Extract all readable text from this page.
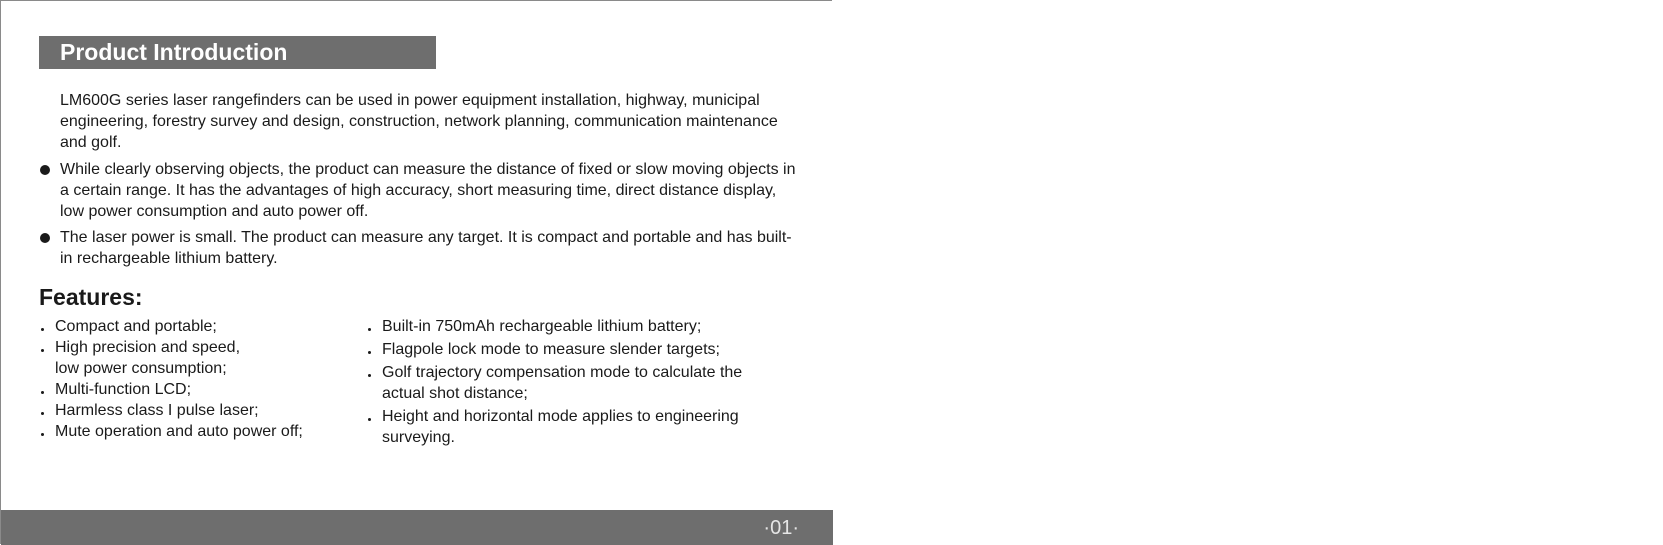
Product Introduction

LM600G series laser rangefinders can be used in power equipment installation, highway, municipal engineering, forestry survey and design, construction, network planning, communication maintenance and golf.

While clearly observing objects, the product can measure the distance of fixed or slow moving objects in a certain range. It has the advantages of high accuracy, short measuring time, direct distance display, low power consumption and auto power off.
The laser power is small. The product can measure any target. It is compact and portable and has built-in rechargeable lithium battery.
Features:
Compact and portable;
High precision and speed, low power consumption;
Multi-function LCD;
Harmless class I pulse laser;
Mute operation and auto power off;
Built-in 750mAh rechargeable lithium battery;
Flagpole lock mode to measure slender targets;
Golf trajectory compensation mode to calculate the actual shot distance;
Height and horizontal mode applies to engineering surveying.
·01·
